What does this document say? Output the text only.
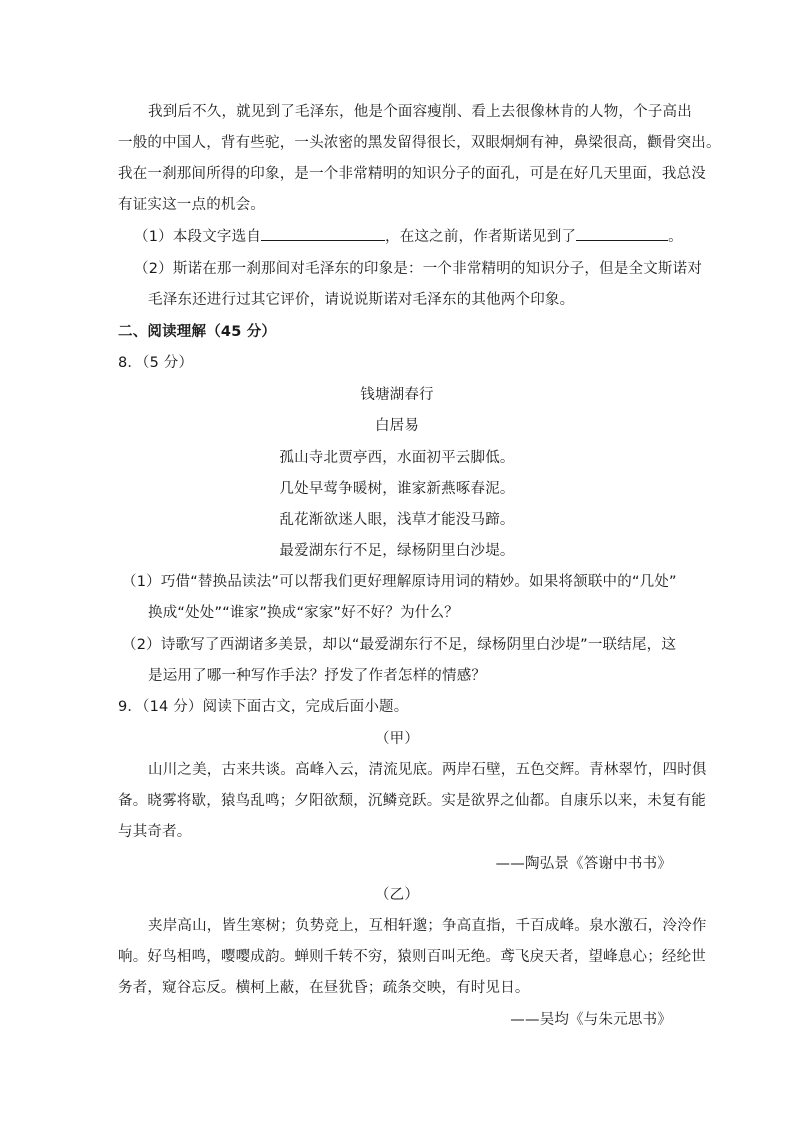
我到后不久，就见到了毛泽东，他是个面容瘦削、看上去很像林肯的人物，个子高出
一般的中国人，背有些驼，一头浓密的黑发留得很长，双眼炯炯有神，鼻梁很高，颧骨突出。
我在一刹那间所得的印象，是一个非常精明的知识分子的面孔，可是在好几天里面，我总没
有证实这一点的机会。
（1）本段文字选自	，在这之前，作者斯诺见到了	。
（2）斯诺在那一刹那间对毛泽东的印象是：一个非常精明的知识分子，但是全文斯诺对
毛泽东还进行过其它评价，请说说斯诺对毛泽东的其他两个印象。
二、阅读理解（45 分）
8．（5 分）
钱塘湖春行
白居易
孤山寺北贾亭西，水面初平云脚低。
几处早莺争暖树，谁家新燕啄春泥。
乱花渐欲迷人眼，浅草才能没马蹄。
最爱湖东行不足，绿杨阴里白沙堤。
（1）巧借“替换品读法”可以帮我们更好理解原诗用词的精妙。如果将颔联中的“几处”
换成“处处”“谁家”换成“家家”好不好？为什么？
（2）诗歌写了西湖诸多美景，却以“最爱湖东行不足，绿杨阴里白沙堤”一联结尾，这
是运用了哪一种写作手法？抒发了作者怎样的情感？
9．（14 分）阅读下面古文，完成后面小题。
（甲）
山川之美，古来共谈。高峰入云，清流见底。两岸石壁，五色交辉。青林翠竹，四时俱
备。晓雾将歇，猿鸟乱鸣；夕阳欲颓，沉鳞竞跃。实是欲界之仙都。自康乐以来，未复有能
与其奇者。
——陶弘景《答谢中书书》
（乙）
夹岸高山，皆生寒树；负势竞上，互相轩邈；争高直指，千百成峰。泉水激石，泠泠作
响。好鸟相鸣，嘤嘤成韵。蝉则千转不穷，猿则百叫无绝。鸢飞戾天者，望峰息心；经纶世
务者，窥谷忘反。横柯上蔽，在昼犹昏；疏条交映，有时见日。
——吴均《与朱元思书》
